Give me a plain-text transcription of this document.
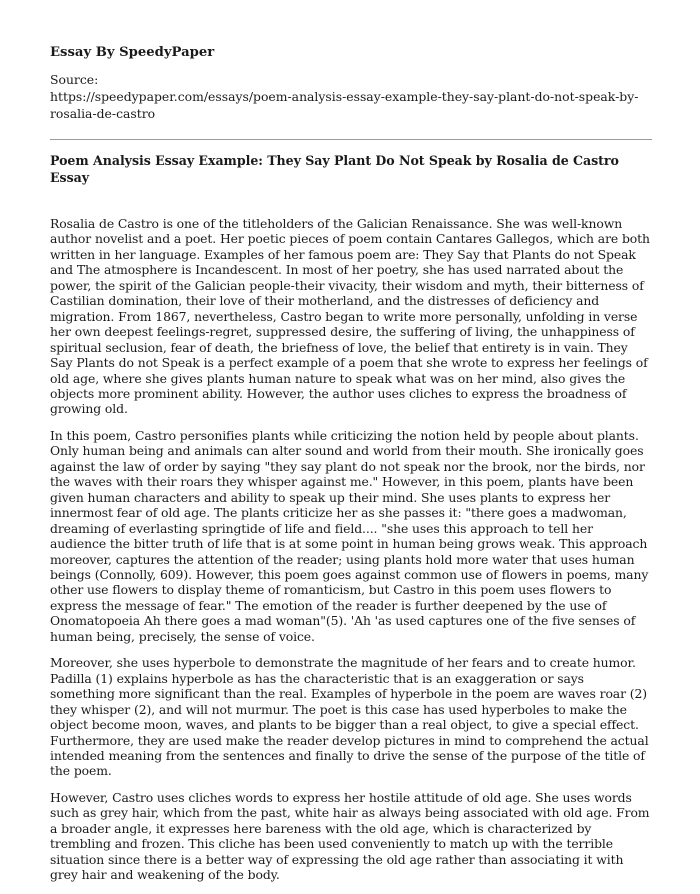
Essay By SpeedyPaper

Source:
https://speedypaper.com/essays/poem-analysis-essay-example-they-say-plant-do-not-speak-by-rosalia-de-castro
Poem Analysis Essay Example: They Say Plant Do Not Speak by Rosalia de Castro Essay

Rosalia de Castro is one of the titleholders of the Galician Renaissance. She was well-known author novelist and a poet. Her poetic pieces of poem contain Cantares Gallegos, which are both written in her language. Examples of her famous poem are: They Say that Plants do not Speak and The atmosphere is Incandescent. In most of her poetry, she has used narrated about the power, the spirit of the Galician people-their vivacity, their wisdom and myth, their bitterness of Castilian domination, their love of their motherland, and the distresses of deficiency and migration. From 1867, nevertheless, Castro began to write more personally, unfolding in verse her own deepest feelings-regret, suppressed desire, the suffering of living, the unhappiness of spiritual seclusion, fear of death, the briefness of love, the belief that entirety is in vain. They Say Plants do not Speak is a perfect example of a poem that she wrote to express her feelings of old age, where she gives plants human nature to speak what was on her mind, also gives the objects more prominent ability. However, the author uses cliches to express the broadness of growing old.

In this poem, Castro personifies plants while criticizing the notion held by people about plants. Only human being and animals can alter sound and world from their mouth. She ironically goes against the law of order by saying "they say plant do not speak nor the brook, nor the birds, nor the waves with their roars they whisper against me." However, in this poem, plants have been given human characters and ability to speak up their mind. She uses plants to express her innermost fear of old age. The plants criticize her as she passes it: "there goes a madwoman, dreaming of everlasting springtide of life and field.... "she uses this approach to tell her audience the bitter truth of life that is at some point in human being grows weak. This approach moreover, captures the attention of the reader; using plants hold more water that uses human beings (Connolly, 609). However, this poem goes against common use of flowers in poems, many other use flowers to display theme of romanticism, but Castro in this poem uses flowers to express the message of fear." The emotion of the reader is further deepened by the use of Onomatopoeia Ah there goes a mad woman"(5). 'Ah 'as used captures one of the five senses of human being, precisely, the sense of voice.

Moreover, she uses hyperbole to demonstrate the magnitude of her fears and to create humor. Padilla (1) explains hyperbole as has the characteristic that is an exaggeration or says something more significant than the real. Examples of hyperbole in the poem are waves roar (2) they whisper (2), and will not murmur. The poet is this case has used hyperboles to make the object become moon, waves, and plants to be bigger than a real object, to give a special effect. Furthermore, they are used make the reader develop pictures in mind to comprehend the actual intended meaning from the sentences and finally to drive the sense of the purpose of the title of the poem.

However, Castro uses cliches words to express her hostile attitude of old age. She uses words such as grey hair, which from the past, white hair as always being associated with old age. From a broader angle, it expresses here bareness with the old age, which is characterized by trembling and frozen. This cliche has been used conveniently to match up with the terrible situation since there is a better way of expressing the old age rather than associating it with grey hair and weakening of the body.
